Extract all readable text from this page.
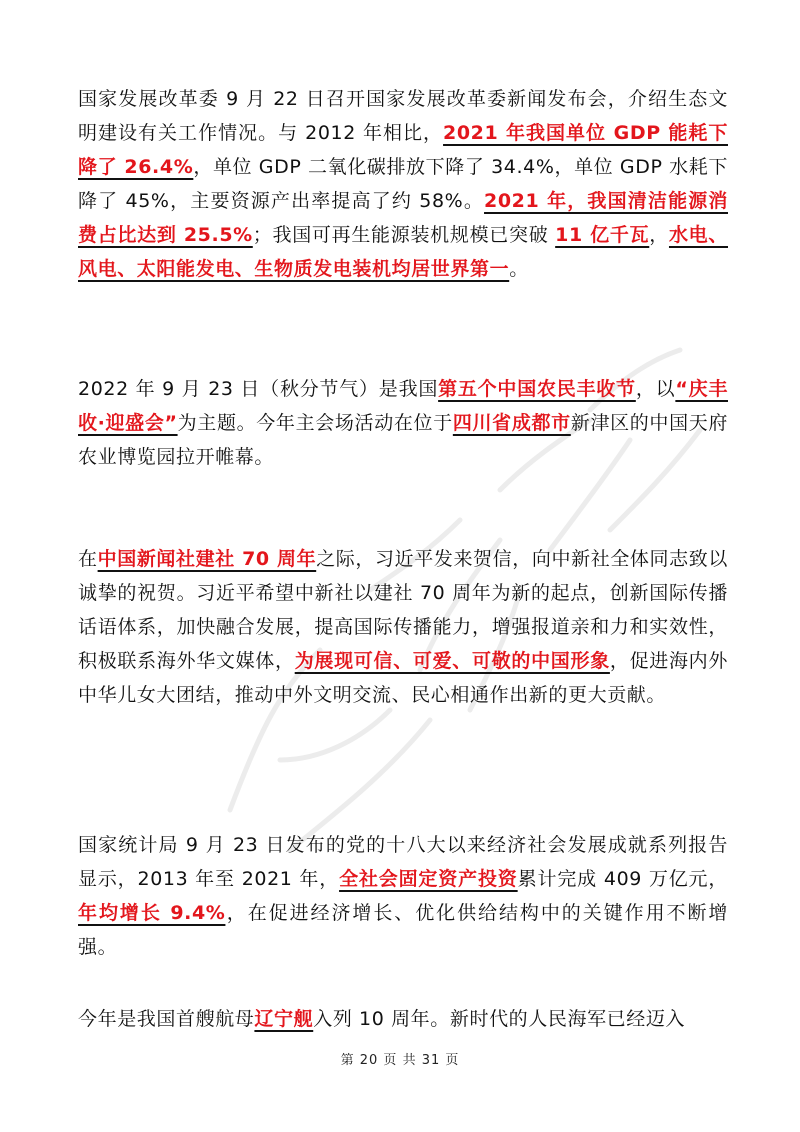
国家发展改革委 9 月 22 日召开国家发展改革委新闻发布会，介绍生态文明建设有关工作情况。与 2012 年相比，2021 年我国单位 GDP 能耗下降了 26.4%，单位 GDP 二氧化碳排放下降了 34.4%，单位 GDP 水耗下降了 45%，主要资源产出率提高了约 58%。2021 年，我国清洁能源消费占比达到 25.5%；我国可再生能源装机规模已突破 11 亿千瓦，水电、风电、太阳能发电、生物质发电装机均居世界第一。

2022 年 9 月 23 日（秋分节气）是我国第五个中国农民丰收节，以“庆丰收·迎盛会”为主题。今年主会场活动在位于四川省成都市新津区的中国天府农业博览园拉开帷幕。

在中国新闻社建社 70 周年之际，习近平发来贺信，向中新社全体同志致以诚挚的祝贺。习近平希望中新社以建社 70 周年为新的起点，创新国际传播话语体系，加快融合发展，提高国际传播能力，增强报道亲和力和实效性，积极联系海外华文媒体，为展现可信、可爱、可敬的中国形象，促进海内外中华儿女大团结，推动中外文明交流、民心相通作出新的更大贡献。

国家统计局 9 月 23 日发布的党的十八大以来经济社会发展成就系列报告显示，2013 年至 2021 年，全社会固定资产投资累计完成 409 万亿元，年均增长 9.4%，在促进经济增长、优化供给结构中的关键作用不断增强。

今年是我国首艘航母辽宁舰入列 10 周年。新时代的人民海军已经迈入

第 20 页 共 31 页
